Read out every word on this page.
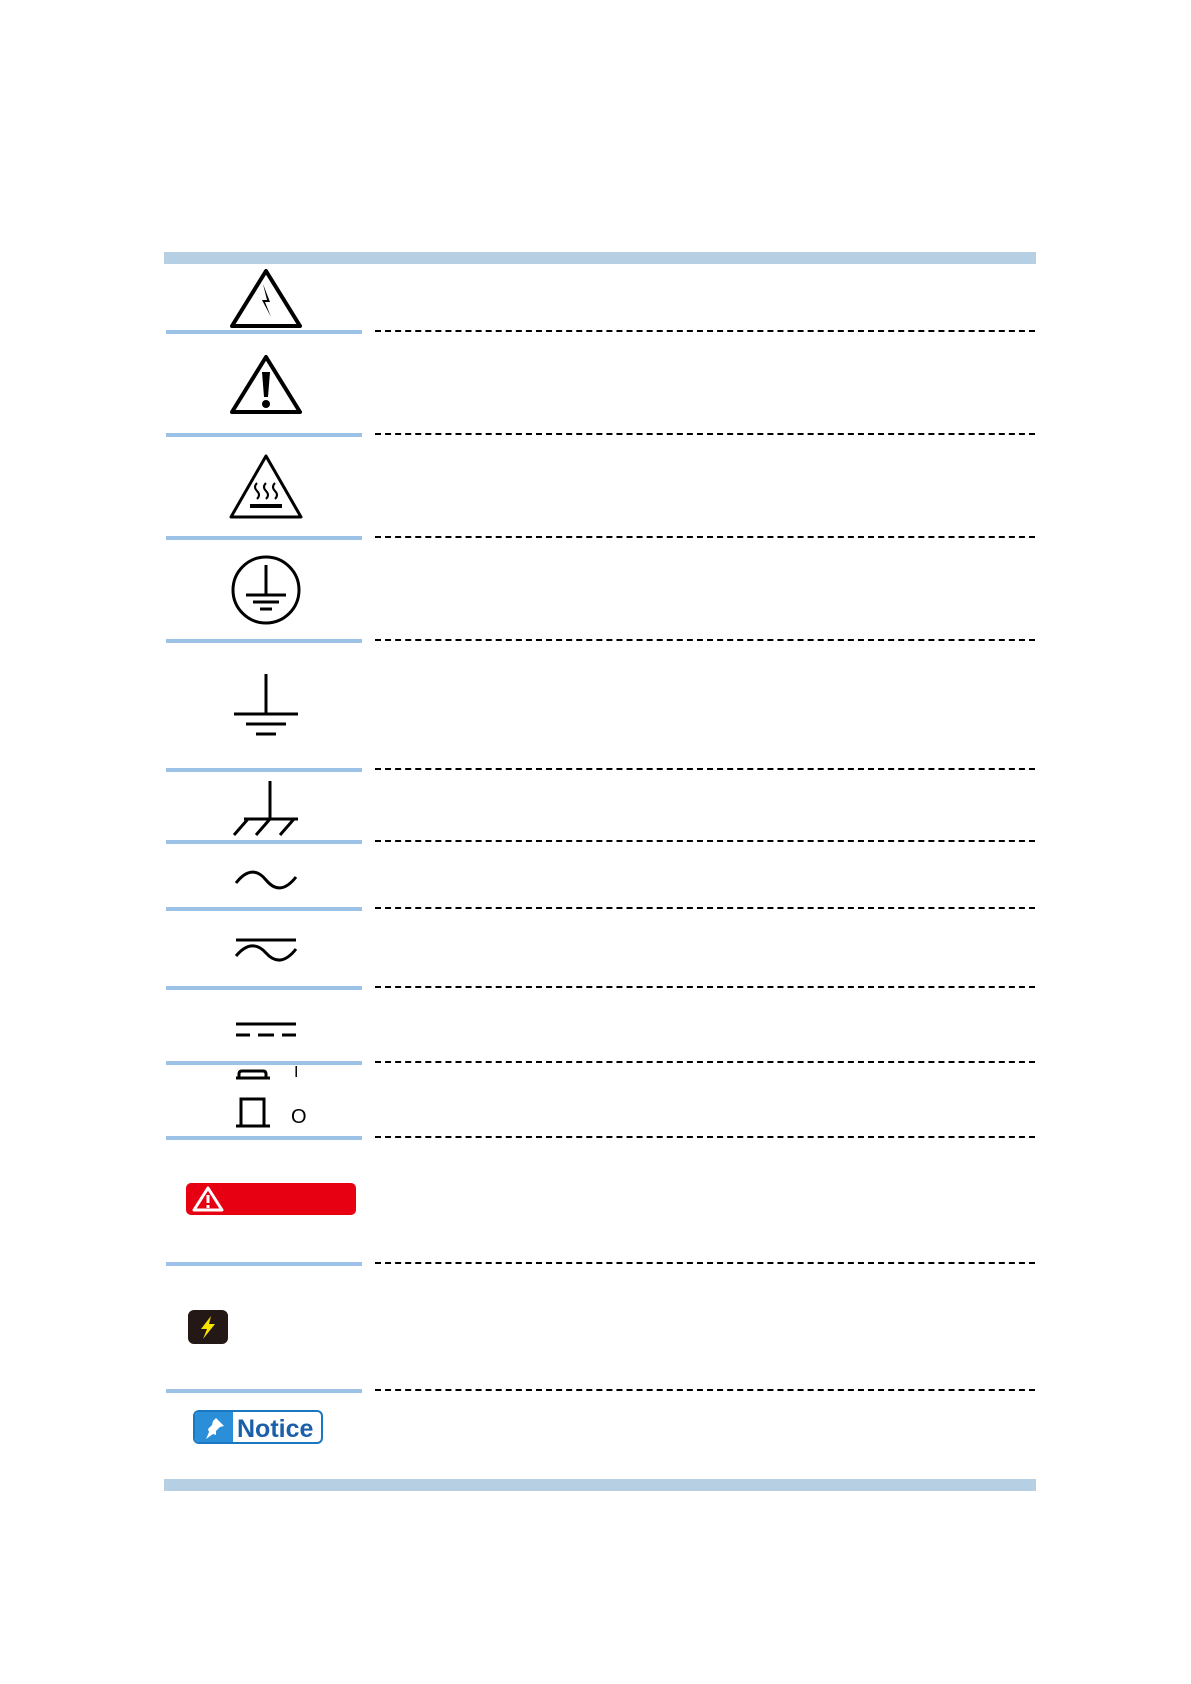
I
O
Notice
